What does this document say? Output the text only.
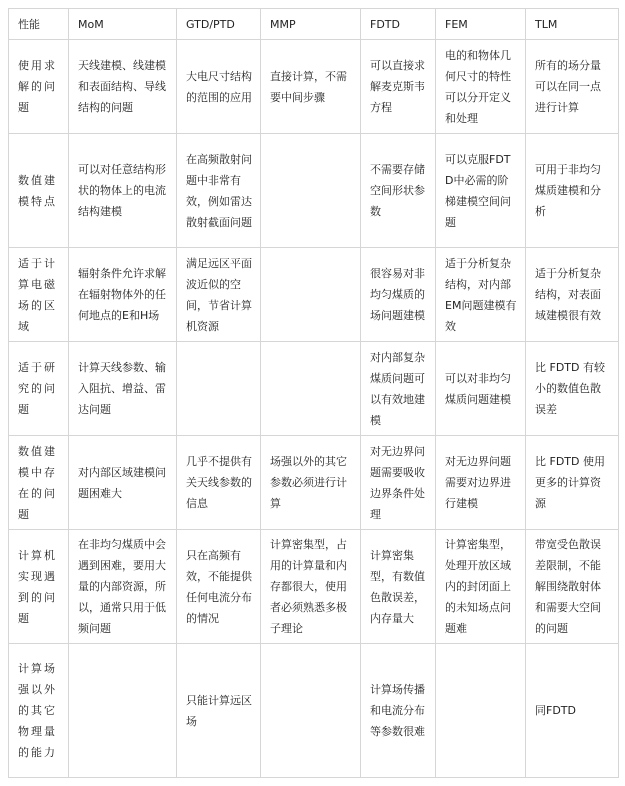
性能	MoM	GTD/PTD	MMP	FDTD	FEM	TLM
使用求解的问题	天线建模、线建模和表面结构、导线结构的问题	大电尺寸结构的范围的应用	直接计算，不需要中间步骤	可以直接求解麦克斯韦方程	电的和物体几何尺寸的特性可以分开定义和处理	所有的场分量可以在同一点进行计算
数值建模特点	可以对任意结构形状的物体上的电流结构建模	在高频散射问题中非常有效，例如雷达散射截面问题		不需要存储空间形状参数	可以克服FDTD中必需的阶梯建模空间问题	可用于非均匀煤质建模和分析
适于计算电磁场的区域	辐射条件允许求解在辐射物体外的任何地点的E和H场	满足远区平面波近似的空间，节省计算机资源		很容易对非均匀煤质的场问题建模	适于分析复杂结构，对内部EM问题建模有效	适于分析复杂结构，对表面域建模很有效
适于研究的问题	计算天线参数、输入阻抗、增益、雷达问题			对内部复杂煤质问题可以有效地建模	可以对非均匀煤质问题建模	比 FDTD 有较小的数值色散误差
数值建模中存在的问题	对内部区域建模问题困难大	几乎不提供有关天线参数的信息	场强以外的其它参数必须进行计算	对无边界问题需要吸收边界条件处理	对无边界问题需要对边界进行建模	比 FDTD 使用更多的计算资源
计算机实现遇到的问题	在非均匀煤质中会遇到困难，要用大量的内部资源，所以，通常只用于低频问题	只在高频有效，不能提供任何电流分布的情况	计算密集型，占用的计算量和内存都很大，使用者必须熟悉多极子理论	计算密集型，有数值色散误差，内存量大	计算密集型，处理开放区域内的封闭面上的未知场点问题难	带宽受色散误差限制，不能解围绕散射体和需要大空间的问题
计算场强以外的其它物理量的能力		只能计算远区场		计算场传播和电流分布等参数很难		同FDTD
